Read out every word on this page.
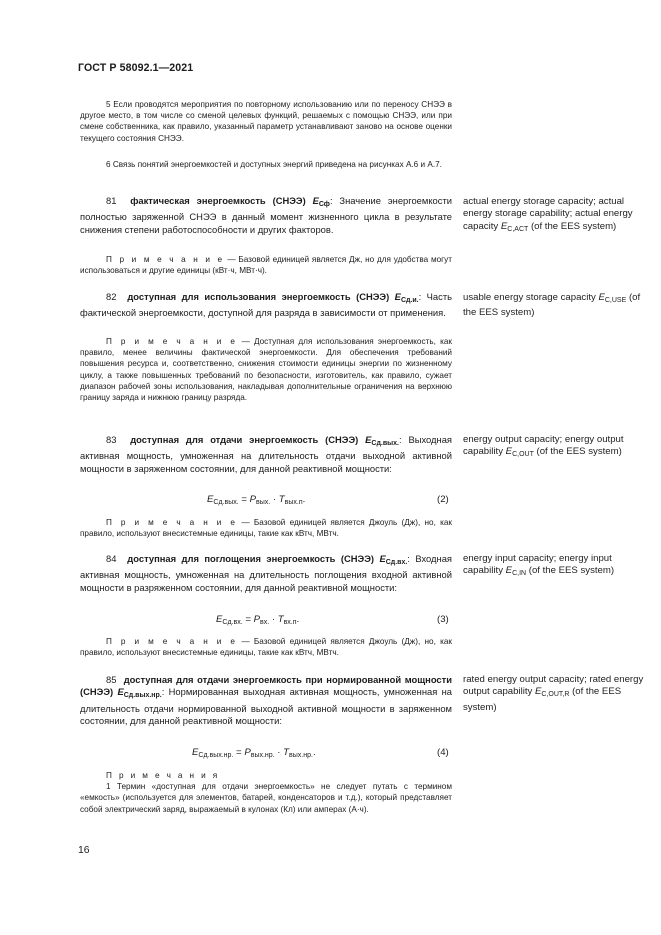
ГОСТ Р 58092.1—2021

5 Если проводятся мероприятия по повторному использованию или по переносу СНЭЭ в другое место, в том числе со сменой целевых функций, решаемых с помощью СНЭЭ, или при смене собственника, как правило, указанный параметр устанавливают заново на основе оценки текущего состояния СНЭЭ.

6 Связь понятий энергоемкостей и доступных энергий приведена на рисунках А.6 и А.7.

81 фактическая энергоемкость (СНЭЭ) $E_{Сф}$: Значение энергоемкости полностью заряженной СНЭЭ в данный момент жизненного цикла в результате снижения степени работоспособности и других факторов.

П р и м е ч а н и е — Базовой единицей является Дж, но для удобства могут использоваться и другие единицы (кВт·ч, МВт·ч).

actual energy storage capacity; actual energy storage capability; actual energy capacity $E_{C,ACT}$ (of the EES system)

82 доступная для использования энергоемкость (СНЭЭ) $E_{Сд.и.}$: Часть фактической энергоемкости, доступной для разряда в зависимости от применения.

П р и м е ч а н и е — Доступная для использования энергоемкость, как правило, менее величины фактической энергоемкости. Для обеспечения требований повышения ресурса и, соответственно, снижения стоимости единицы энергии по жизненному циклу, а также повышенных требований по безопасности, изготовитель, как правило, сужает диапазон рабочей зоны использования, накладывая дополнительные ограничения на верхнюю границу заряда и нижнюю границу разряда.

usable energy storage capacity $E_{C,USE}$ (of the EES system)

83 доступная для отдачи энергоемкость (СНЭЭ) $E_{Сд.вых.}$: Выходная активная мощность, умноженная на длительность отдачи выходной активной мощности в заряженном состоянии, для данной реактивной мощности:

$E_{Сд.вых.} = P_{вых.} \cdot T_{вых.п}$.	(2)

П р и м е ч а н и е — Базовой единицей является Джоуль (Дж), но, как правило, используют внесистемные единицы, такие как кВтч, МВтч.

energy output capacity; energy output capability $E_{C,OUT}$ (of the EES system)

84 доступная для поглощения энергоемкость (СНЭЭ) $E_{Сд.вх.}$: Входная активная мощность, умноженная на длительность поглощения входной активной мощности в разряженном состоянии, для данной реактивной мощности:

$E_{Сд.вх.} = P_{вх.} \cdot T_{вх.п}$.	(3)

П р и м е ч а н и е — Базовой единицей является Джоуль (Дж), но, как правило, используют внесистемные единицы, такие как кВтч, МВтч.

energy input capacity; energy input capability $E_{C,IN}$ (of the EES system)

85 доступная для отдачи энергоемкость при нормированной мощности (СНЭЭ) $E_{Сд.вых.нр.}$: Нормированная выходная активная мощность, умноженная на длительность отдачи нормированной выходной активной мощности в заряженном состоянии, для данной реактивной мощности:

$E_{Сд.вых.нр.} = P_{вых.нр.} \cdot T_{вых.нр.}$.	(4)

П р и м е ч а н и я

1 Термин «доступная для отдачи энергоемкость» не следует путать с термином «емкость» (используется для элементов, батарей, конденсаторов и т.д.), который представляет собой электрический заряд, выражаемый в кулонах (Кл) или амперах (А·ч).

rated energy output capacity; rated energy output capability $E_{C,OUT,R}$ (of the EES system)
16
